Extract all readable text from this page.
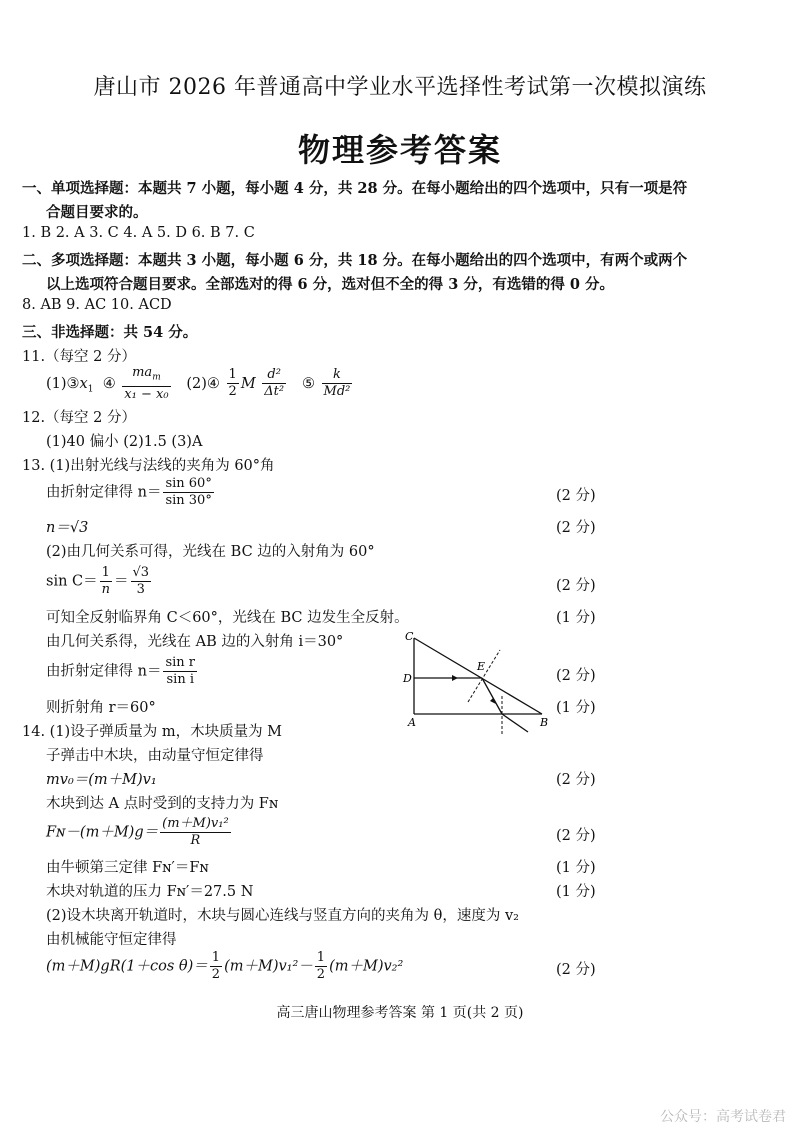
唐山市 2026 年普通高中学业水平选择性考试第一次模拟演练
物理参考答案
一、单项选择题：本题共 7 小题，每小题 4 分，共 28 分。在每小题给出的四个选项中，只有一项是符
合题目要求的。
1. B 2. A 3. C 4. A 5. D 6. B 7. C
二、多项选择题：本题共 3 小题，每小题 6 分，共 18 分。在每小题给出的四个选项中，有两个或两个
以上选项符合题目要求。全部选对的得 6 分，选对但不全的得 3 分，有选错的得 0 分。
8. AB 9. AC 10. ACD
三、非选择题：共 54 分。
11.（每空 2 分）
$(1)③x_1$ ④ $\frac{ma_m}{\text{x₁ − x₀}}$ (2)④ $\frac{1}{2}$ M $\frac{\text{d²}}{\text{Δt²}}$ ⑤ $\frac{k}{\text{Md²}}$
12.（每空 2 分）
(1)40 偏小 (2)1.5 (3)A
13. (1)出射光线与法线的夹角为 60°角
由折射定律得 $n= \frac{\sin 60^\circ}{\sin 30^\circ}$	(2 分)
n＝√3	(2 分)
(2)由几何关系可得，光线在 BC 边的入射角为 60°
$\sin C= \frac{1}{n} = \frac{√3}{3}$	(2 分)
可知全反射临界角 C＜60°，光线在 BC 边发生全反射。	(1 分)
由几何关系得，光线在 AB 边的入射角 i＝30°
由折射定律得 $n= \frac{\text{sin r}}{\text{sin i}}$	(2 分)
则折射角 r＝60°	(1 分)
C
E
D
A	B
14. (1)设子弹质量为 m，木块质量为 M
子弹击中木块，由动量守恒定律得
mv₀＝(m＋M)v₁	(2 分)
木块到达 A 点时受到的支持力为 Fɴ
Fɴ－(m＋M)g＝ $\frac{\text{(m＋M)v₁²}}{R}$	(2 分)
由牛顿第三定律 Fɴ′＝Fɴ	(1 分)
木块对轨道的压力 Fɴ′＝27.5 N	(1 分)
(2)设木块离开轨道时，木块与圆心连线与竖直方向的夹角为 θ，速度为 v₂
由机械能守恒定律得
(m＋M)gR(1＋cos $\theta)= \frac{1}{2} (m+M)v_1^2- \frac{1}{2} (m+M)v_2^2$	(2 分)
高三唐山物理参考答案 第 1 页(共 2 页)
公众号：高考试卷君
